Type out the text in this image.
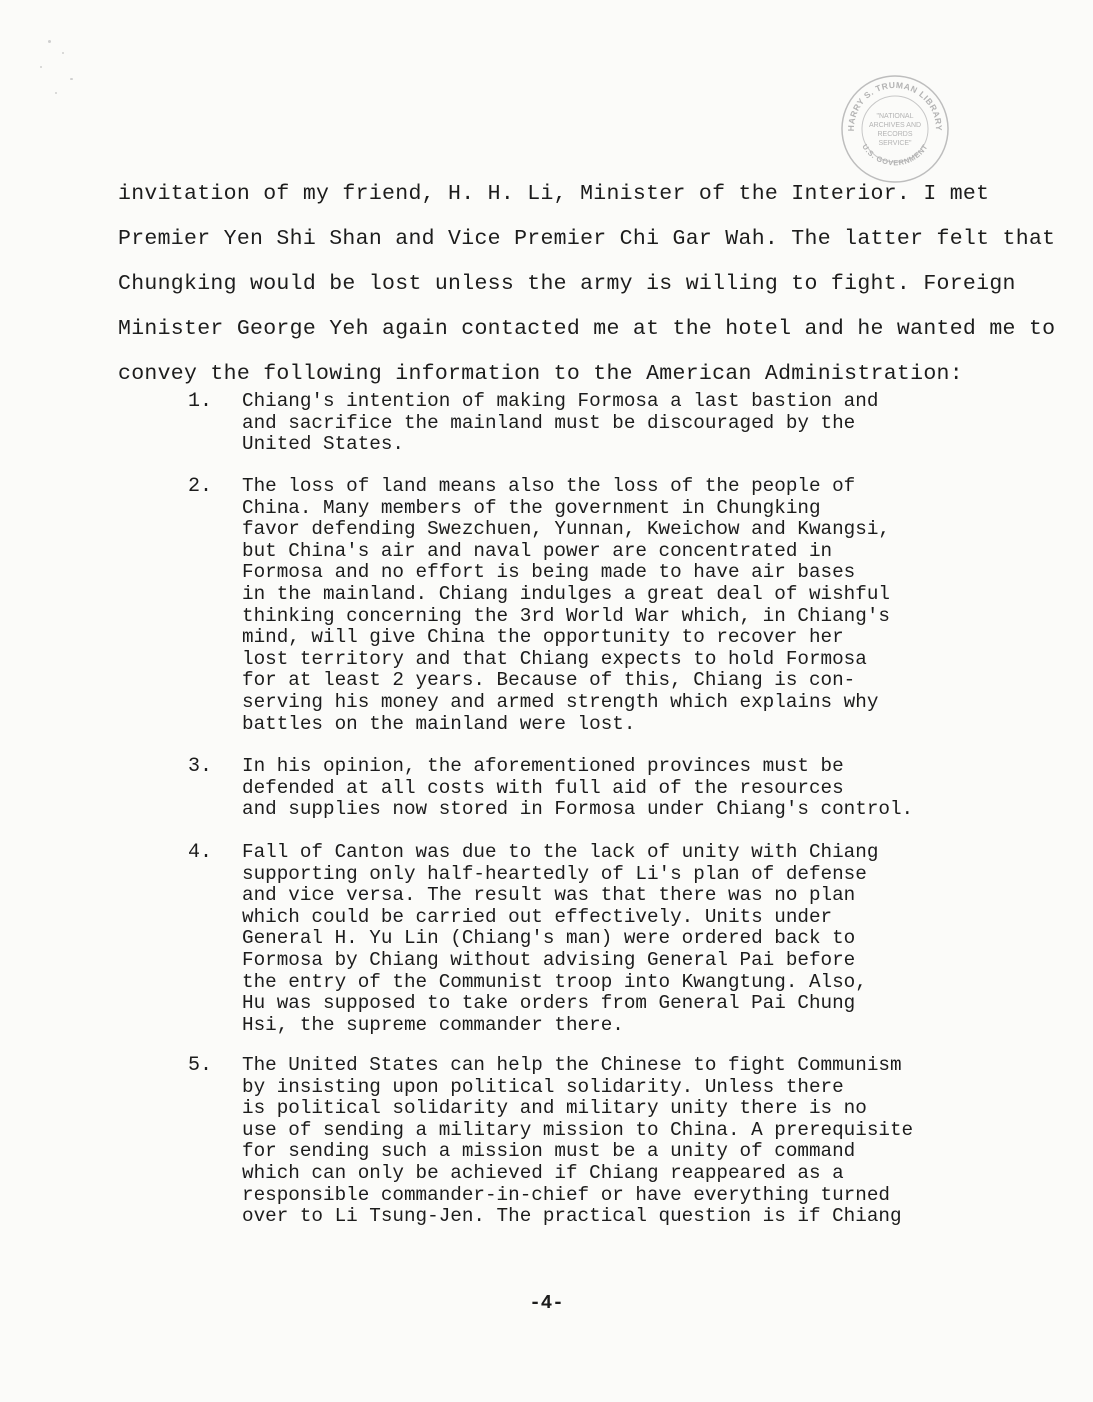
HARRY S. TRUMAN LIBRARY
U.S. GOVERNMENT
"NATIONAL
ARCHIVES AND
RECORDS
SERVICE"
invitation of my friend, H. H. Li, Minister of the Interior. I met
Premier Yen Shi Shan and Vice Premier Chi Gar Wah. The latter felt that
Chungking would be lost unless the army is willing to fight. Foreign
Minister George Yeh again contacted me at the hotel and he wanted me to
convey the following information to the American Administration:
1. Chiang's intention of making Formosa a last bastion and
and sacrifice the mainland must be discouraged by the
United States.
2. The loss of land means also the loss of the people of
China. Many members of the government in Chungking
favor defending Swezchuen, Yunnan, Kweichow and Kwangsi,
but China's air and naval power are concentrated in
Formosa and no effort is being made to have air bases
in the mainland. Chiang indulges a great deal of wishful
thinking concerning the 3rd World War which, in Chiang's
mind, will give China the opportunity to recover her
lost territory and that Chiang expects to hold Formosa
for at least 2 years. Because of this, Chiang is con-
serving his money and armed strength which explains why
battles on the mainland were lost.
3. In his opinion, the aforementioned provinces must be
defended at all costs with full aid of the resources
and supplies now stored in Formosa under Chiang's control.
4. Fall of Canton was due to the lack of unity with Chiang
supporting only half-heartedly of Li's plan of defense
and vice versa. The result was that there was no plan
which could be carried out effectively. Units under
General H. Yu Lin (Chiang's man) were ordered back to
Formosa by Chiang without advising General Pai before
the entry of the Communist troop into Kwangtung. Also,
Hu was supposed to take orders from General Pai Chung
Hsi, the supreme commander there.
5. The United States can help the Chinese to fight Communism
by insisting upon political solidarity. Unless there
is political solidarity and military unity there is no
use of sending a military mission to China. A prerequisite
for sending such a mission must be a unity of command
which can only be achieved if Chiang reappeared as a
responsible commander-in-chief or have everything turned
over to Li Tsung-Jen. The practical question is if Chiang
-4-
